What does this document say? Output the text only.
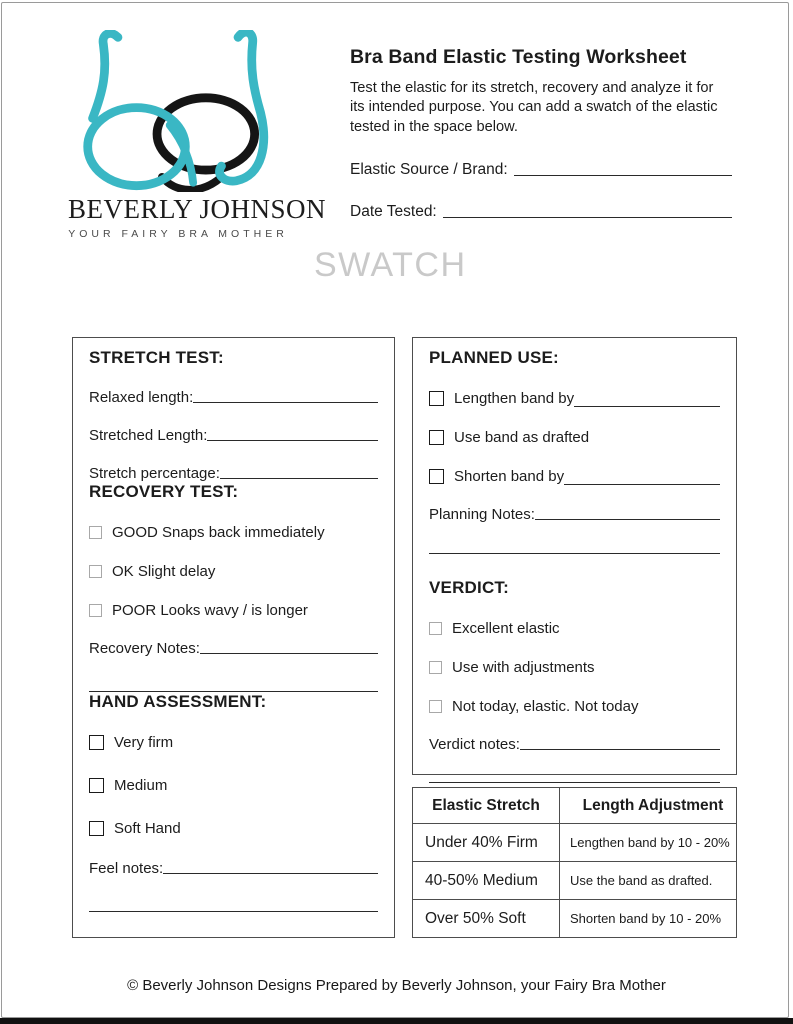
BEVERLY JOHNSON
YOUR FAIRY BRA MOTHER
Bra Band Elastic Testing Worksheet
Test the elastic for its stretch, recovery and analyze it for its intended purpose. You can add a swatch of the elastic tested in the space below.
Elastic Source / Brand:
Date Tested:
SWATCH
STRETCH TEST:
Relaxed length:
Stretched Length:
Stretch percentage:
RECOVERY TEST:
GOOD Snaps back immediately
OK Slight delay
POOR Looks wavy / is longer
Recovery Notes:
HAND ASSESSMENT:
Very firm
Medium
Soft Hand
Feel notes:
PLANNED USE:
Lengthen band by
Use band as drafted
Shorten band by
Planning Notes:
VERDICT:
Excellent elastic
Use with adjustments
Not today, elastic. Not today
Verdict notes:
Elastic Stretch	Length Adjustment
Under 40% Firm	Lengthen band by 10 - 20%
40-50% Medium	Use the band as drafted.
Over 50% Soft	Shorten band by 10 - 20%
© Beverly Johnson Designs Prepared by Beverly Johnson, your Fairy Bra Mother
